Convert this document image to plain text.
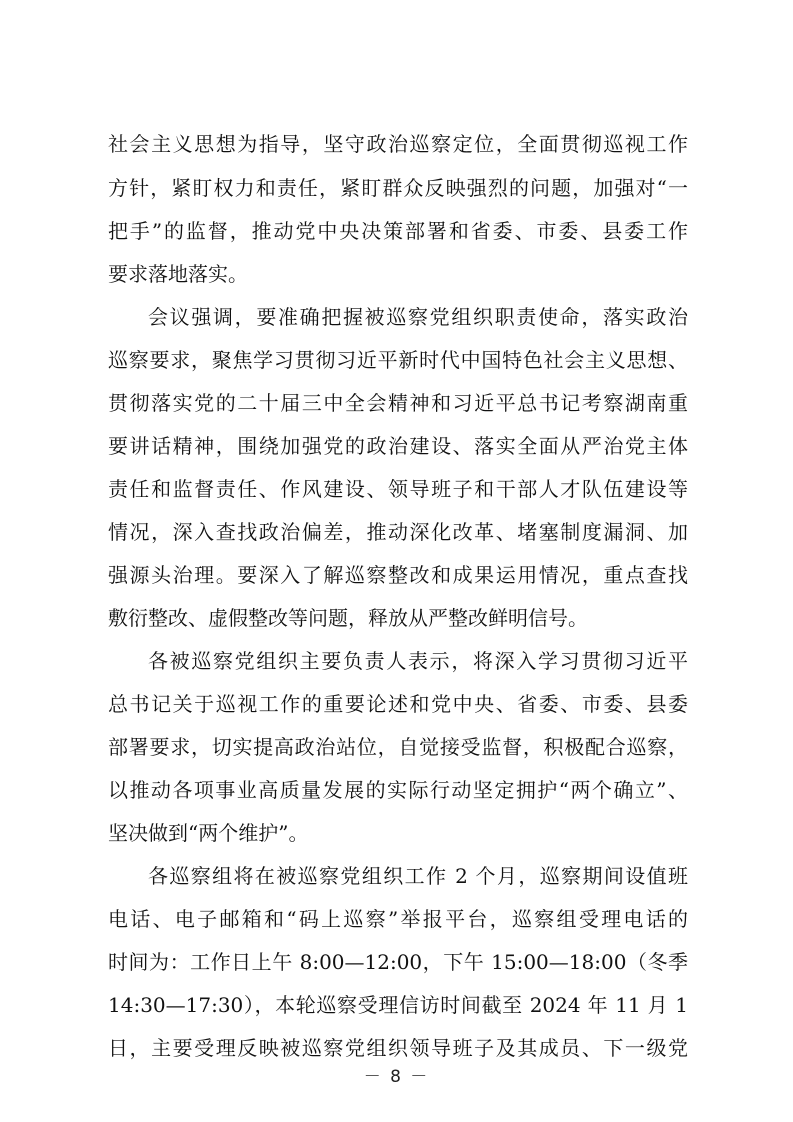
社会主义思想为指导，坚守政治巡察定位，全面贯彻巡视工作
方针，紧盯权力和责任，紧盯群众反映强烈的问题，加强对“一
把手”的监督，推动党中央决策部署和省委、市委、县委工作
要求落地落实。
会议强调，要准确把握被巡察党组织职责使命，落实政治
巡察要求，聚焦学习贯彻习近平新时代中国特色社会主义思想、
贯彻落实党的二十届三中全会精神和习近平总书记考察湖南重
要讲话精神，围绕加强党的政治建设、落实全面从严治党主体
责任和监督责任、作风建设、领导班子和干部人才队伍建设等
情况，深入查找政治偏差，推动深化改革、堵塞制度漏洞、加
强源头治理。要深入了解巡察整改和成果运用情况，重点查找
敷衍整改、虚假整改等问题，释放从严整改鲜明信号。
各被巡察党组织主要负责人表示，将深入学习贯彻习近平
总书记关于巡视工作的重要论述和党中央、省委、市委、县委
部署要求，切实提高政治站位，自觉接受监督，积极配合巡察，
以推动各项事业高质量发展的实际行动坚定拥护“两个确立”、
坚决做到“两个维护”。
各巡察组将在被巡察党组织工作 2 个月，巡察期间设值班
电话、电子邮箱和“码上巡察”举报平台，巡察组受理电话的
时间为：工作日上午 8:00—12:00，下午 15:00—18:00（冬季
14:30—17:30），本轮巡察受理信访时间截至 2024 年 11 月 1
日，主要受理反映被巡察党组织领导班子及其成员、下一级党
－ 8 －
